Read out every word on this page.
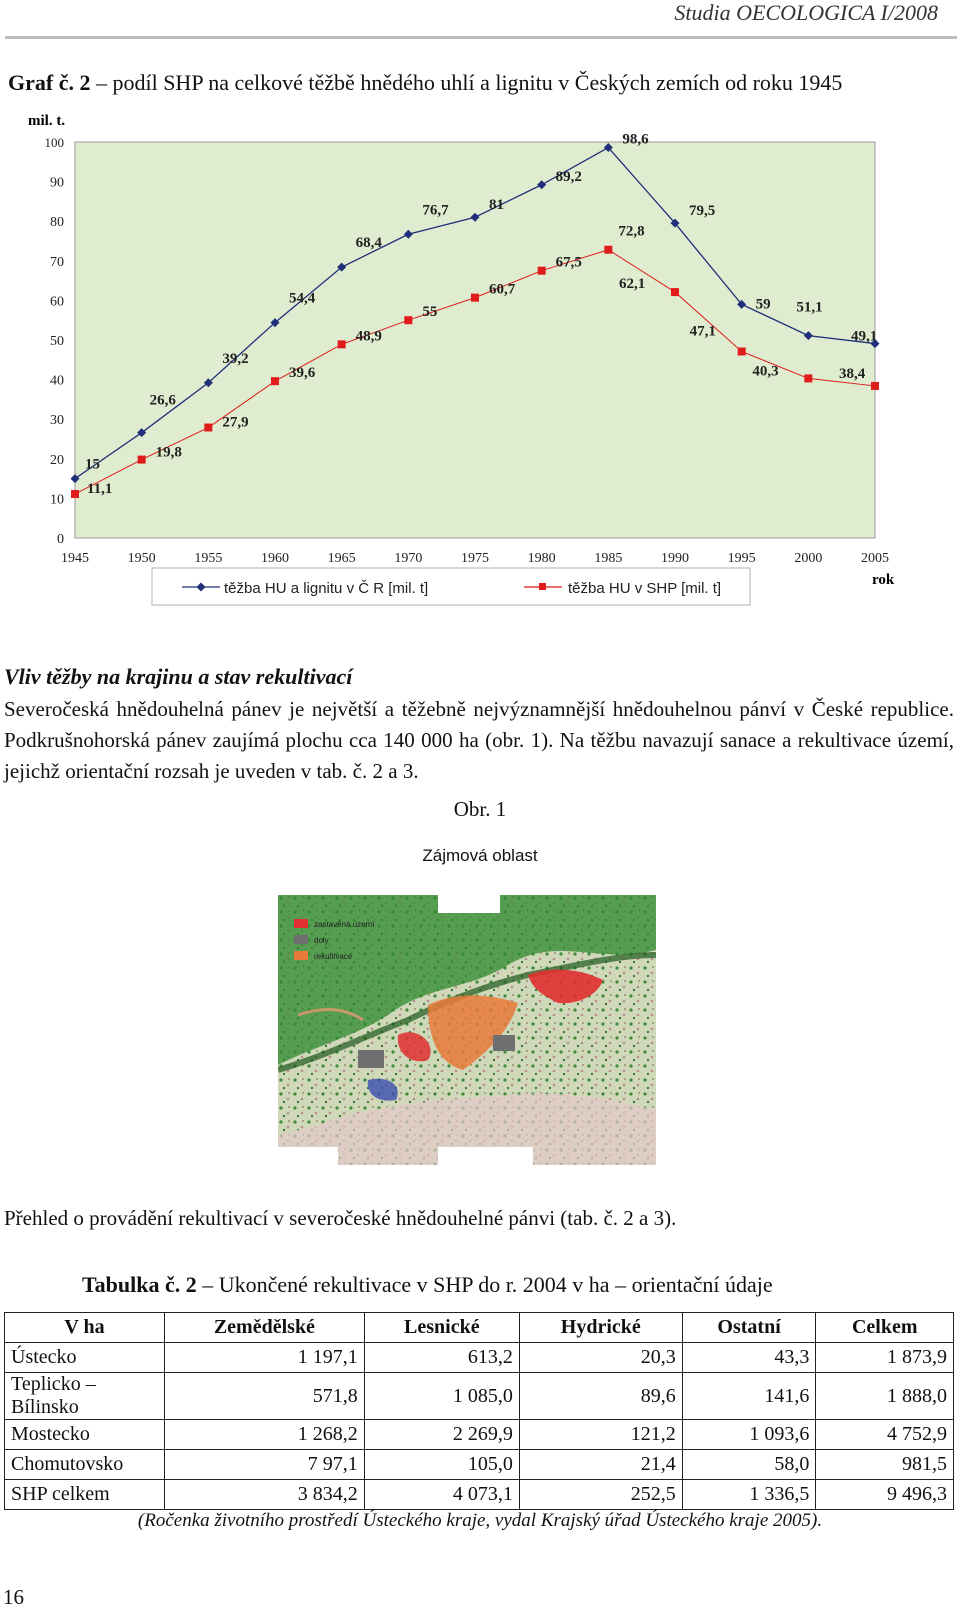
Studia OECOLOGICA I/2008
Graf č. 2 – podíl SHP na celkové těžbě hnědého uhlí a lignitu v Českých zemích od roku 1945
mil. t.
0
10
20
30
40
50
60
70
80
90
100
1945	1950	1955	1960	1965	1970	1975	1980	1985	1990	1995	2000	2005
15
26,6
39,2
54,4
68,4
76,7	81
89,2
98,6
79,5
59 51,1
49,1
11,1
19,8
27,9
39,6
48,9
55
60,7
67,5
72,8
62,1
47,1
40,3	38,4
těžba HU a lignitu v Č R [mil. t]	těžba HU v SHP [mil. t]	rok
Vliv těžby na krajinu a stav rekultivací
Severočeská hnědouhelná pánev je největší a těžebně nejvýznamnější hnědouhelnou pánví v České republice. Podkrušnohorská pánev zaujímá plochu cca 140 000 ha (obr. 1). Na těžbu navazují sanace a rekultivace území, jejichž orientační rozsah je uveden v tab. č. 2 a 3.
Obr. 1
Zájmová oblast
zastavěná území
doly
rekultivace
Přehled o provádění rekultivací v severočeské hnědouhelné pánvi (tab. č. 2 a 3).
Tabulka č. 2 – Ukončené rekultivace v SHP do r. 2004 v ha – orientační údaje
V ha	Zemědělské	Lesnické	Hydrické	Ostatní	Celkem
Ústecko	1 197,1	613,2	20,3	43,3	1 873,9
Teplicko –Bílinsko	571,8	1 085,0	89,6	141,6	1 888,0
Mostecko	1 268,2	2 269,9	121,2	1 093,6	4 752,9
Chomutovsko	7 97,1	105,0	21,4	58,0	981,5
SHP celkem	3 834,2	4 073,1	252,5	1 336,5	9 496,3
(Ročenka životního prostředí Ústeckého kraje, vydal Krajský úřad Ústeckého kraje 2005).
16
